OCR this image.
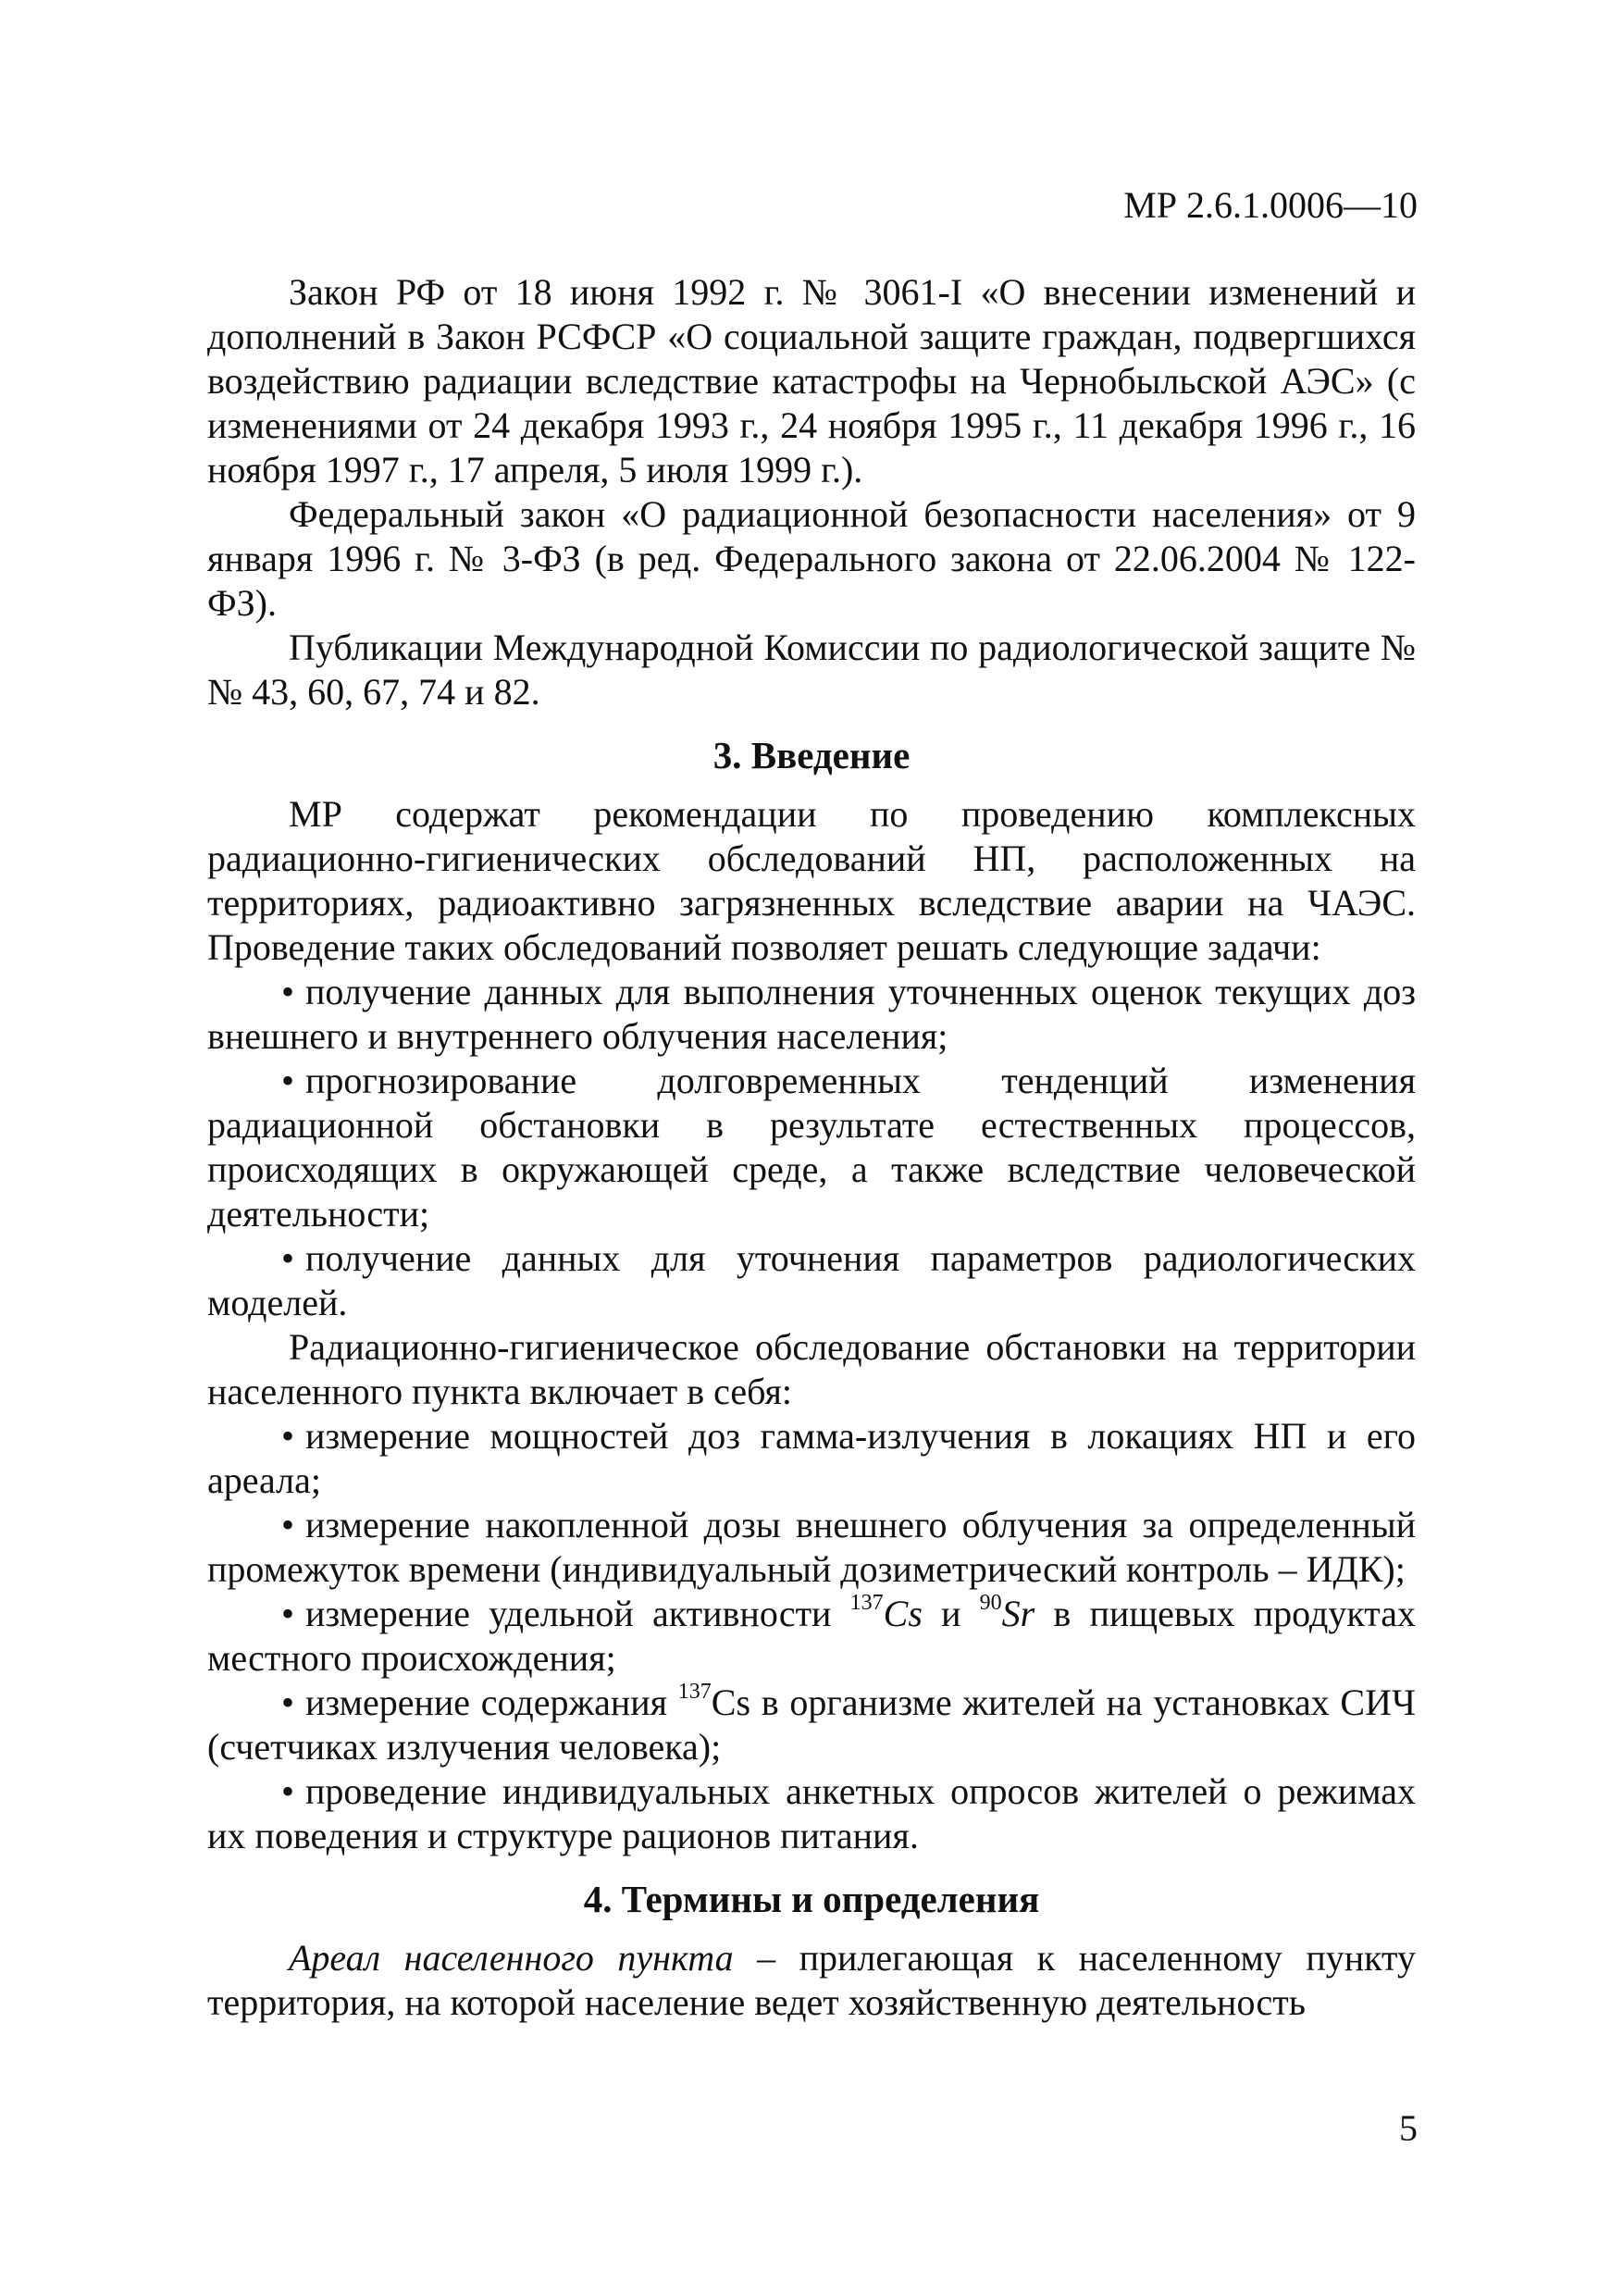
МР 2.6.1.0006—10

Закон РФ от 18 июня 1992 г. № 3061-I «О внесении изменений и дополнений в Закон РСФСР «О социальной защите граждан, подвергшихся воздействию радиации вследствие катастрофы на Чернобыльской АЭС» (с изменениями от 24 декабря 1993 г., 24 ноября 1995 г., 11 декабря 1996 г., 16 ноября 1997 г., 17 апреля, 5 июля 1999 г.).

Федеральный закон «О радиационной безопасности населения» от 9 января 1996 г. № 3-ФЗ (в ред. Федерального закона от 22.06.2004 № 122-ФЗ).

Публикации Международной Комиссии по радиологической защите №№ 43, 60, 67, 74 и 82.

3. Введение

МР содержат рекомендации по проведению комплексных радиационно-гигиенических обследований НП, расположенных на территориях, радиоактивно загрязненных вследствие аварии на ЧАЭС. Проведение таких обследований позволяет решать следующие задачи:

• получение данных для выполнения уточненных оценок текущих доз внешнего и внутреннего облучения населения;

• прогнозирование долговременных тенденций изменения радиационной обстановки в результате естественных процессов, происходящих в окружающей среде, а также вследствие человеческой деятельности;

• получение данных для уточнения параметров радиологических моделей.

Радиационно-гигиеническое обследование обстановки на территории населенного пункта включает в себя:

• измерение мощностей доз гамма-излучения в локациях НП и его ареала;

• измерение накопленной дозы внешнего облучения за определенный промежуток времени (индивидуальный дозиметрический контроль – ИДК);

• измерение удельной активности $^{137}$Cs и $^{90}$Sr в пищевых продуктах местного происхождения;

• измерение содержания $^{137}$Cs в организме жителей на установках СИЧ (счетчиках излучения человека);

• проведение индивидуальных анкетных опросов жителей о режимах их поведения и структуре рационов питания.

4. Термины и определения

Ареал населенного пункта – прилегающая к населенному пункту территория, на которой население ведет хозяйственную деятельность

5
